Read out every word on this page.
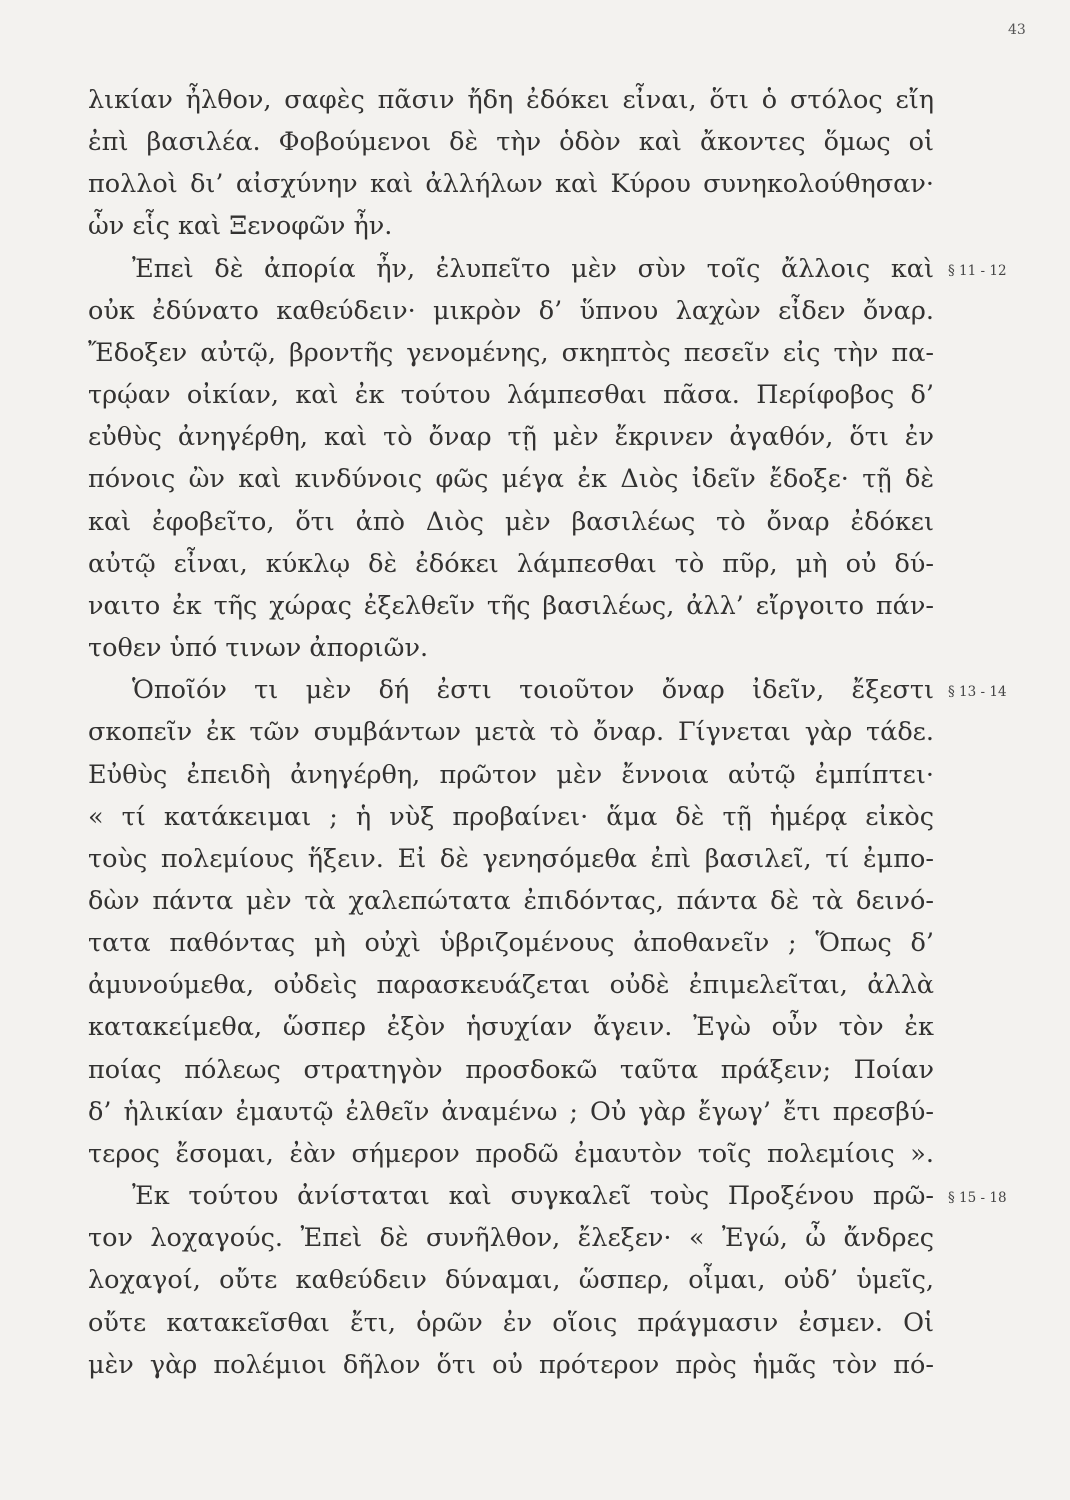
43
λικίαν ἦλθον, σαφὲς πᾶσιν ἤδη ἐδόκει εἶναι, ὅτι ὁ στόλος εἴη
ἐπὶ βασιλέα. Φοβούμενοι δὲ τὴν ὁδὸν καὶ ἄκοντες ὅμως οἱ
πολλοὶ δι’ αἰσχύνην καὶ ἀλλήλων καὶ Κύρου συνηκολούθησαν·
ὧν εἷς καὶ Ξενοφῶν ἦν.
Ἐπεὶ δὲ ἀπορία ἦν, ἐλυπεῖτο μὲν σὺν τοῖς ἄλλοις καὶ § 11 - 12
οὐκ ἐδύνατο καθεύδειν· μικρὸν δ’ ὕπνου λαχὼν εἶδεν ὄναρ.
Ἔδοξεν αὐτῷ, βροντῆς γενομένης, σκηπτὸς πεσεῖν εἰς τὴν πα-
τρῴαν οἰκίαν, καὶ ἐκ τούτου λάμπεσθαι πᾶσα. Περίφοβος δ’
εὐθὺς ἀνηγέρθη, καὶ τὸ ὄναρ τῇ μὲν ἔκρινεν ἀγαθόν, ὅτι ἐν
πόνοις ὢν καὶ κινδύνοις φῶς μέγα ἐκ Διὸς ἰδεῖν ἔδοξε· τῇ δὲ
καὶ ἐφοβεῖτο, ὅτι ἀπὸ Διὸς μὲν βασιλέως τὸ ὄναρ ἐδόκει
αὐτῷ εἶναι, κύκλῳ δὲ ἐδόκει λάμπεσθαι τὸ πῦρ, μὴ οὐ δύ-
ναιτο ἐκ τῆς χώρας ἐξελθεῖν τῆς βασιλέως, ἀλλ’ εἴργοιτο πάν-
τοθεν ὑπό τινων ἀποριῶν.
Ὁποῖόν τι μὲν δή ἐστι τοιοῦτον ὄναρ ἰδεῖν, ἔξεστι § 13 - 14
σκοπεῖν ἐκ τῶν συμβάντων μετὰ τὸ ὄναρ. Γίγνεται γὰρ τάδε.
Εὐθὺς ἐπειδὴ ἀνηγέρθη, πρῶτον μὲν ἔννοια αὐτῷ ἐμπίπτει·
« τί κατάκειμαι ; ἡ νὺξ προβαίνει· ἅμα δὲ τῇ ἡμέρᾳ εἰκὸς
τοὺς πολεμίους ἥξειν. Εἰ δὲ γενησόμεθα ἐπὶ βασιλεῖ, τί ἐμπο-
δὼν πάντα μὲν τὰ χαλεπώτατα ἐπιδόντας, πάντα δὲ τὰ δεινό-
τατα παθόντας μὴ οὐχὶ ὑβριζομένους ἀποθανεῖν ; Ὅπως δ’
ἀμυνούμεθα, οὐδεὶς παρασκευάζεται οὐδὲ ἐπιμελεῖται, ἀλλὰ
κατακείμεθα, ὥσπερ ἐξὸν ἡσυχίαν ἄγειν. Ἐγὼ οὖν τὸν ἐκ
ποίας πόλεως στρατηγὸν προσδοκῶ ταῦτα πράξειν; Ποίαν
δ’ ἡλικίαν ἐμαυτῷ ἐλθεῖν ἀναμένω ; Οὐ γὰρ ἔγωγ’ ἔτι πρεσβύ-
τερος ἔσομαι, ἐὰν σήμερον προδῶ ἐμαυτὸν τοῖς πολεμίοις ».
Ἐκ τούτου ἀνίσταται καὶ συγκαλεῖ τοὺς Προξένου πρῶ- § 15 - 18
τον λοχαγούς. Ἐπεὶ δὲ συνῆλθον, ἔλεξεν· « Ἐγώ, ὦ ἄνδρες
λοχαγοί, οὔτε καθεύδειν δύναμαι, ὥσπερ, οἶμαι, οὐδ’ ὑμεῖς,
οὔτε κατακεῖσθαι ἔτι, ὁρῶν ἐν οἵοις πράγμασιν ἐσμεν. Οἱ
μὲν γὰρ πολέμιοι δῆλον ὅτι οὐ πρότερον πρὸς ἡμᾶς τὸν πό-
